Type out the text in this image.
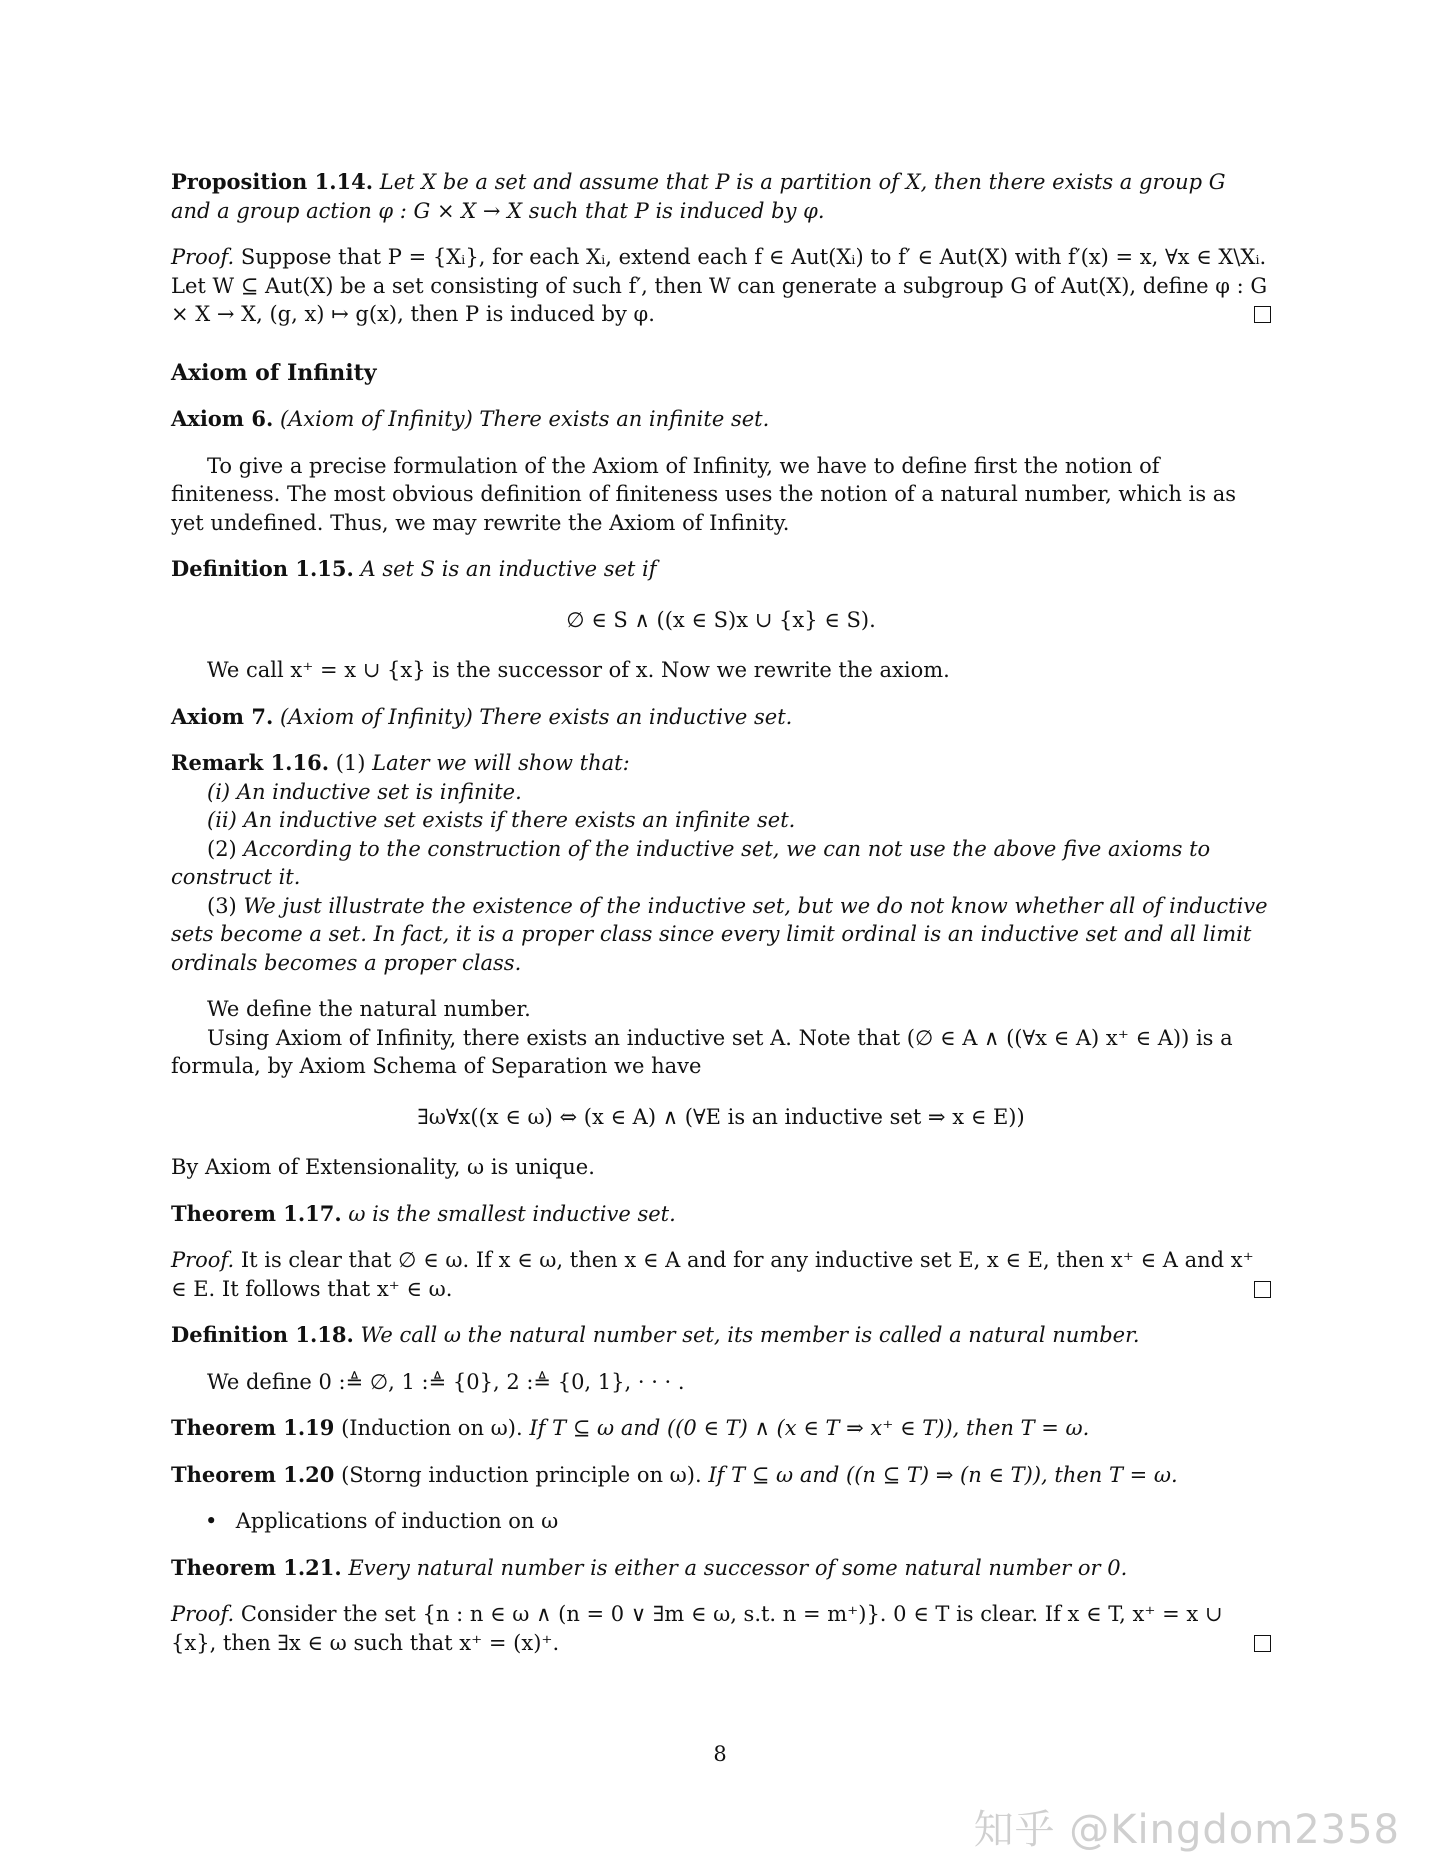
Proposition 1.14. Let X be a set and assume that P is a partition of X, then there exists a group G and a group action φ : G × X → X such that P is induced by φ.

Proof. Suppose that P = {Xᵢ}, for each Xᵢ, extend each f ∈ Aut(Xᵢ) to f′ ∈ Aut(X) with f′(x) = x, ∀x ∈ X\Xᵢ. Let W ⊆ Aut(X) be a set consisting of such f′, then W can generate a subgroup G of Aut(X), define φ : G × X → X, (g, x) ↦ g(x), then P is induced by φ.

Axiom of Infinity

Axiom 6. (Axiom of Infinity) There exists an infinite set.

To give a precise formulation of the Axiom of Infinity, we have to define first the notion of finiteness. The most obvious definition of finiteness uses the notion of a natural number, which is as yet undefined. Thus, we may rewrite the Axiom of Infinity.

Definition 1.15. A set S is an inductive set if

∅ ∈ S ∧ ((x ∈ S)x ∪ {x} ∈ S).

We call x⁺ = x ∪ {x} is the successor of x. Now we rewrite the axiom.

Axiom 7. (Axiom of Infinity) There exists an inductive set.

Remark 1.16. (1) Later we will show that:

(i) An inductive set is infinite.

(ii) An inductive set exists if there exists an infinite set.

(2) According to the construction of the inductive set, we can not use the above five axioms to construct it.

(3) We just illustrate the existence of the inductive set, but we do not know whether all of inductive sets become a set. In fact, it is a proper class since every limit ordinal is an inductive set and all limit ordinals becomes a proper class.

We define the natural number.

Using Axiom of Infinity, there exists an inductive set A. Note that (∅ ∈ A ∧ ((∀x ∈ A) x⁺ ∈ A)) is a formula, by Axiom Schema of Separation we have

∃ω∀x((x ∈ ω) ⇔ (x ∈ A) ∧ (∀E is an inductive set ⇒ x ∈ E))

By Axiom of Extensionality, ω is unique.

Theorem 1.17. ω is the smallest inductive set.

Proof. It is clear that ∅ ∈ ω. If x ∈ ω, then x ∈ A and for any inductive set E, x ∈ E, then x⁺ ∈ A and x⁺ ∈ E. It follows that x⁺ ∈ ω.

Definition 1.18. We call ω the natural number set, its member is called a natural number.

We define 0 :≜ ∅, 1 :≜ {0}, 2 :≜ {0, 1}, · · · .

Theorem 1.19 (Induction on ω). If T ⊆ ω and ((0 ∈ T) ∧ (x ∈ T ⇒ x⁺ ∈ T)), then T = ω.

Theorem 1.20 (Storng induction principle on ω). If T ⊆ ω and ((n ⊆ T) ⇒ (n ∈ T)), then T = ω.

• Applications of induction on ω

Theorem 1.21. Every natural number is either a successor of some natural number or 0.

Proof. Consider the set {n : n ∈ ω ∧ (n = 0 ∨ ∃m ∈ ω, s.t. n = m⁺)}. 0 ∈ T is clear. If x ∈ T, x⁺ = x ∪ {x}, then ∃x ∈ ω such that x⁺ = (x)⁺.

8
知乎 @Kingdom2358
